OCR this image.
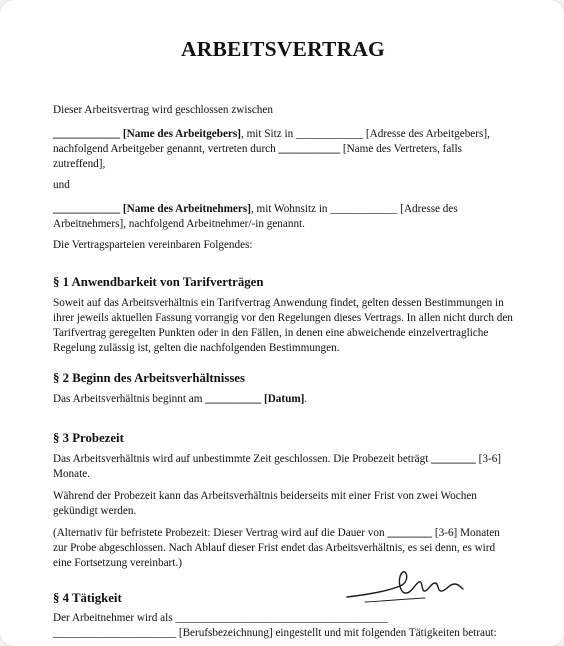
ARBEITSVERTRAG

Dieser Arbeitsvertrag wird geschlossen zwischen

____________ [Name des Arbeitgebers], mit Sitz in ____________ [Adresse des Arbeitgebers], nachfolgend Arbeitgeber genannt, vertreten durch ___________ [Name des Vertreters, falls zutreffend],

und

____________ [Name des Arbeitnehmers], mit Wohnsitz in ____________ [Adresse des Arbeitnehmers], nachfolgend Arbeitnehmer/-in genannt.

Die Vertragsparteien vereinbaren Folgendes:

§ 1 Anwendbarkeit von Tarifverträgen

Soweit auf das Arbeitsverhältnis ein Tarifvertrag Anwendung findet, gelten dessen Bestimmungen in ihrer jeweils aktuellen Fassung vorrangig vor den Regelungen dieses Vertrags. In allen nicht durch den Tarifvertrag geregelten Punkten oder in den Fällen, in denen eine abweichende einzelvertragliche Regelung zulässig ist, gelten die nachfolgenden Bestimmungen.

§ 2 Beginn des Arbeitsverhältnisses

Das Arbeitsverhältnis beginnt am __________ [Datum].

§ 3 Probezeit

Das Arbeitsverhältnis wird auf unbestimmte Zeit geschlossen. Die Probezeit beträgt ________ [3-6] Monate.

Während der Probezeit kann das Arbeitsverhältnis beiderseits mit einer Frist von zwei Wochen gekündigt werden.

(Alternativ für befristete Probezeit: Dieser Vertrag wird auf die Dauer von ________ [3-6] Monaten zur Probe abgeschlossen. Nach Ablauf dieser Frist endet das Arbeitsverhältnis, es sei denn, es wird eine Fortsetzung vereinbart.)

§ 4 Tätigkeit

Der Arbeitnehmer wird als ______________________________________
______________________ [Berufsbezeichnung] eingestellt und mit folgenden Tätigkeiten betraut:
